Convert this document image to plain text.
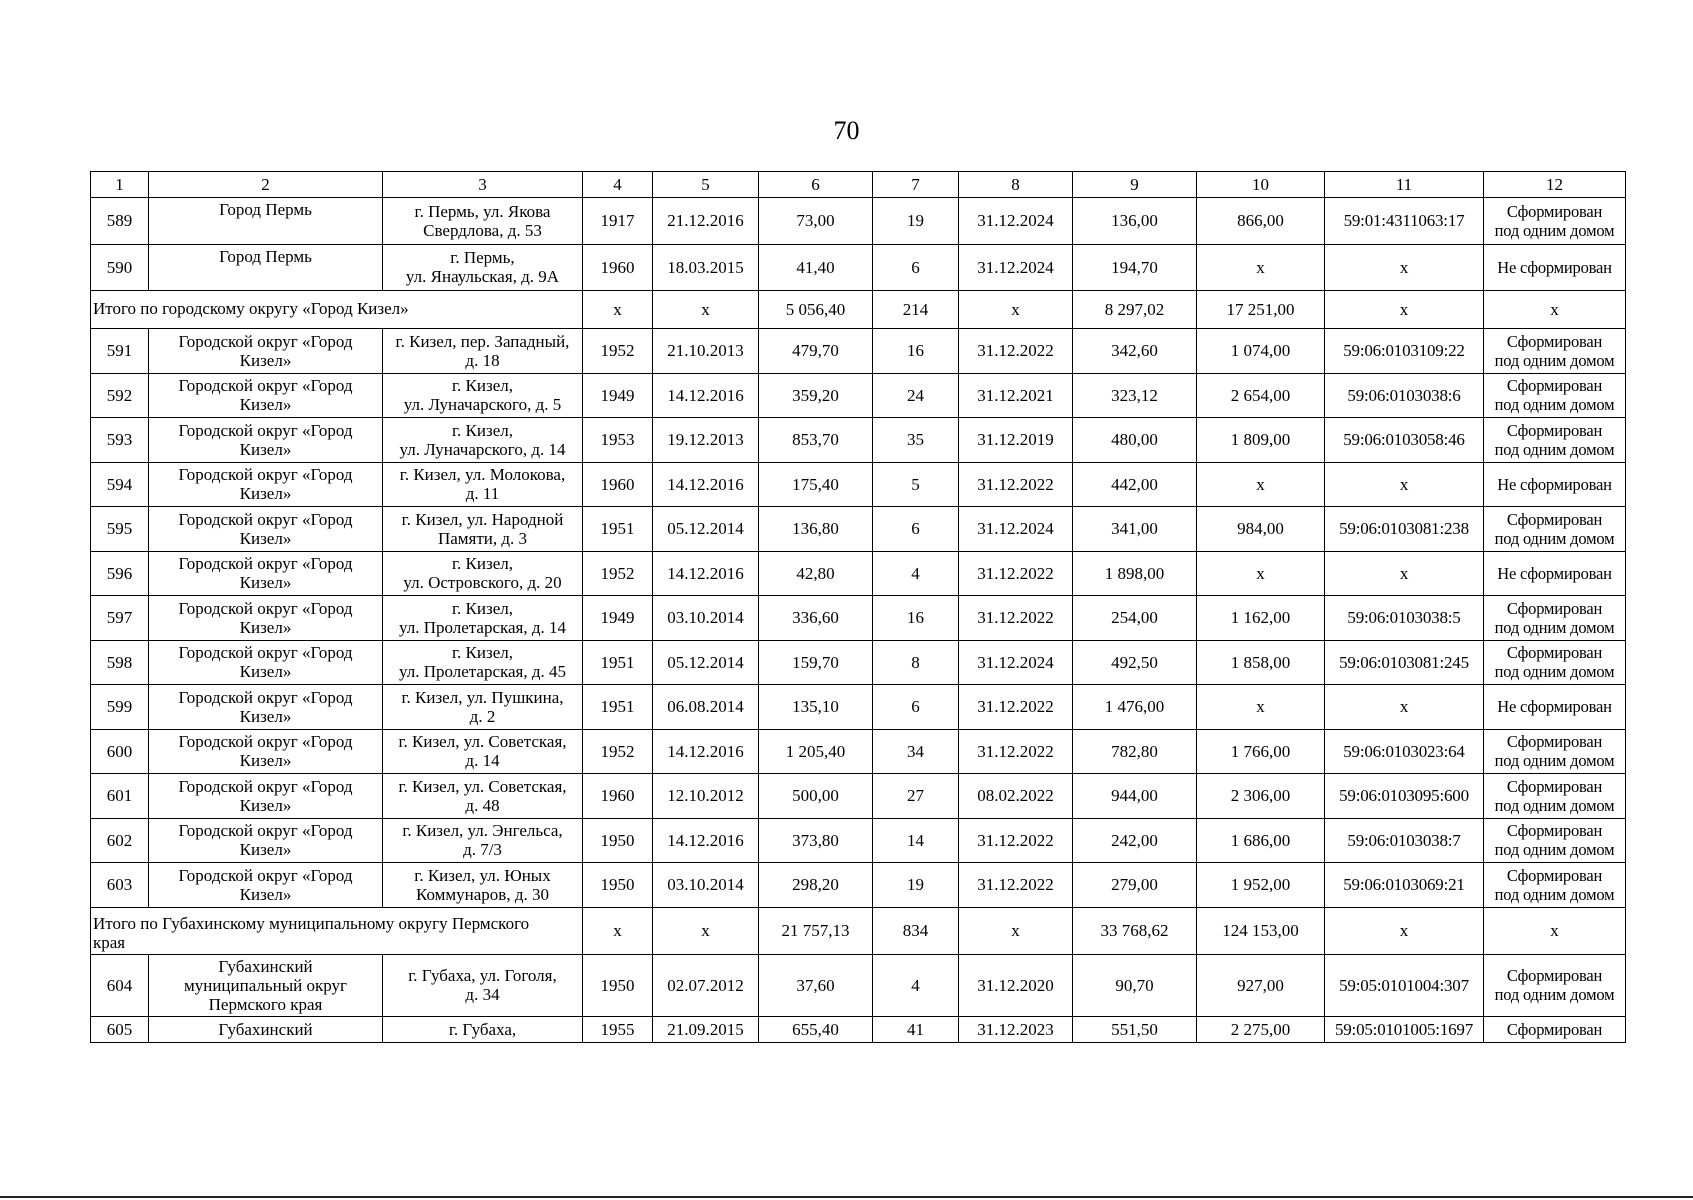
70
1	2	3	4	5	6	7	8	9	10	11	12
589	Город Пермь	г. Пермь, ул. Якова
Свердлова, д. 53	1917	21.12.2016	73,00	19	31.12.2024	136,00	866,00	59:01:4311063:17	Сформирован
под одним домом

590	Город Пермь	г. Пермь,
ул. Янаульская, д. 9А	1960	18.03.2015	41,40	6	31.12.2024	194,70	x	x	Не сформирован

Итого по городскому округу «Город Кизел»			x	x	5 056,40	214	x	8 297,02	17 251,00	x	x
591	Городской округ «Город
Кизел»	г. Кизел, пер. Западный,
д. 18	1952	21.10.2013	479,70	16	31.12.2022	342,60	1 074,00	59:06:0103109:22	Сформирован
под одним домом

592	Городской округ «Город
Кизел»	г. Кизел,
ул. Луначарского, д. 5	1949	14.12.2016	359,20	24	31.12.2021	323,12	2 654,00	59:06:0103038:6	Сформирован
под одним домом

593	Городской округ «Город
Кизел»	г. Кизел,
ул. Луначарского, д. 14	1953	19.12.2013	853,70	35	31.12.2019	480,00	1 809,00	59:06:0103058:46	Сформирован
под одним домом

594	Городской округ «Город
Кизел»	г. Кизел, ул. Молокова,
д. 11	1960	14.12.2016	175,40	5	31.12.2022	442,00	x	x	Не сформирован

595	Городской округ «Город
Кизел»	г. Кизел, ул. Народной
Памяти, д. 3	1951	05.12.2014	136,80	6	31.12.2024	341,00	984,00	59:06:0103081:238	Сформирован
под одним домом

596	Городской округ «Город
Кизел»	г. Кизел,
ул. Островского, д. 20	1952	14.12.2016	42,80	4	31.12.2022	1 898,00	x	x	Не сформирован

597	Городской округ «Город
Кизел»	г. Кизел,
ул. Пролетарская, д. 14	1949	03.10.2014	336,60	16	31.12.2022	254,00	1 162,00	59:06:0103038:5	Сформирован
под одним домом

598	Городской округ «Город
Кизел»	г. Кизел,
ул. Пролетарская, д. 45	1951	05.12.2014	159,70	8	31.12.2024	492,50	1 858,00	59:06:0103081:245	Сформирован
под одним домом

599	Городской округ «Город
Кизел»	г. Кизел, ул. Пушкина,
д. 2	1951	06.08.2014	135,10	6	31.12.2022	1 476,00	x	x	Не сформирован

600	Городской округ «Город
Кизел»	г. Кизел, ул. Советская,
д. 14	1952	14.12.2016	1 205,40	34	31.12.2022	782,80	1 766,00	59:06:0103023:64	Сформирован
под одним домом

601	Городской округ «Город
Кизел»	г. Кизел, ул. Советская,
д. 48	1960	12.10.2012	500,00	27	08.02.2022	944,00	2 306,00	59:06:0103095:600	Сформирован
под одним домом

602	Городской округ «Город
Кизел»	г. Кизел, ул. Энгельса,
д. 7/3	1950	14.12.2016	373,80	14	31.12.2022	242,00	1 686,00	59:06:0103038:7	Сформирован
под одним домом

603	Городской округ «Город
Кизел»	г. Кизел, ул. Юных
Коммунаров, д. 30	1950	03.10.2014	298,20	19	31.12.2022	279,00	1 952,00	59:06:0103069:21	Сформирован
под одним домом

Итого по Губахинскому муниципальному округу Пермского
края			x	x	21 757,13	834	x	33 768,62	124 153,00	x	x
604	Губахинский
муниципальный округ
Пермского края	г. Губаха, ул. Гоголя,
д. 34	1950	02.07.2012	37,60	4	31.12.2020	90,70	927,00	59:05:0101004:307	Сформирован
под одним домом

605	Губахинский	г. Губаха,	1955	21.09.2015	655,40	41	31.12.2023	551,50	2 275,00	59:05:0101005:1697	Сформирован
